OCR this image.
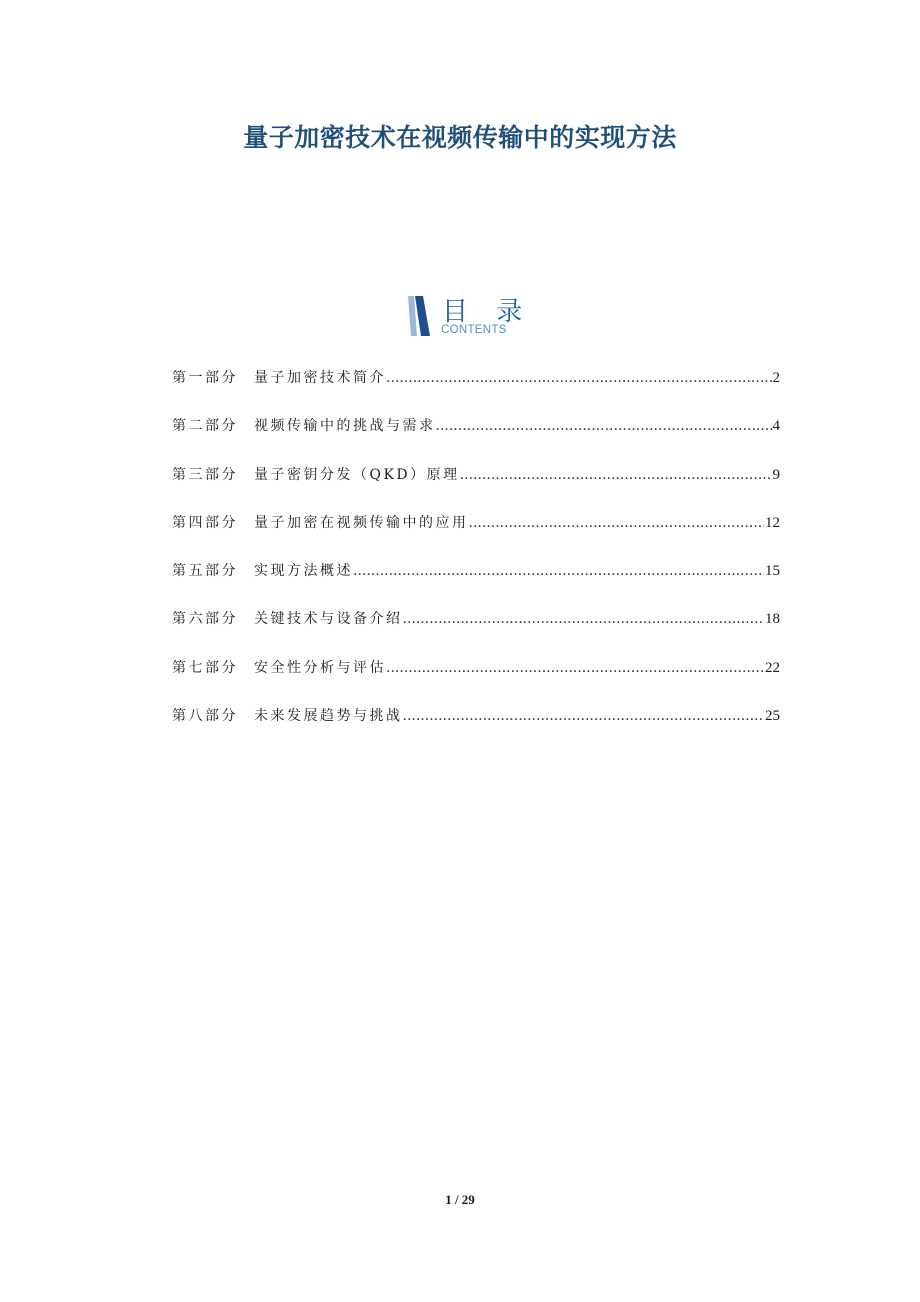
量子加密技术在视频传输中的实现方法
目 录
CONTENTS
第一部分	量子加密技术简介 .....	2
第二部分	视频传输中的挑战与需求 .....	4
第三部分	量子密钥分发（QKD）原理 .....	9
第四部分	量子加密在视频传输中的应用 .....	12
第五部分	实现方法概述 .....	15
第六部分	关键技术与设备介绍 .....	18
第七部分	安全性分析与评估 .....	22
第八部分	未来发展趋势与挑战 .....	25
1 / 29
